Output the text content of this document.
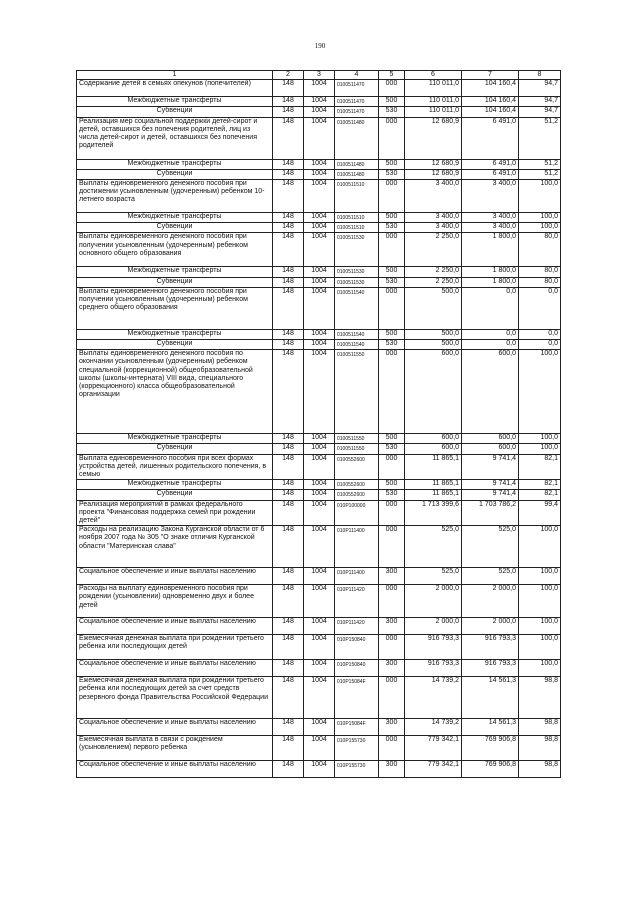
190
1	2	3	4	5	6	7	8
Содержание детей в семьях опекунов (попечителей)	148	1004	0100511470	000	110 011,0	104 160,4	94,7
Межбюджетные трансферты	148	1004	0100511470	500	110 011,0	104 160,4	94,7
Субвенции	148	1004	0100511470	530	110 011,0	104 160,4	94,7
Реализация мер социальной поддержки детей-сирот и детей, оставшихся без попечения родителей, лиц из числа детей-сирот и детей, оставшихся без попечения родителей	148	1004	0100511480	000	12 680,9	6 491,0	51,2
Межбюджетные трансферты	148	1004	0100511480	500	12 680,9	6 491,0	51,2
Субвенции	148	1004	0100511480	530	12 680,9	6 491,0	51,2
Выплаты единовременного денежного пособия при достижении усыновленным (удочеренным) ребенком 10-летнего возраста	148	1004	0100511510	000	3 400,0	3 400,0	100,0
Межбюджетные трансферты	148	1004	0100511510	500	3 400,0	3 400,0	100,0
Субвенции	148	1004	0100511510	530	3 400,0	3 400,0	100,0
Выплаты единовременного денежного пособия при получении усыновленным (удочеренным) ребенком основного общего образования	148	1004	0100511530	000	2 250,0	1 800,0	80,0
Межбюджетные трансферты	148	1004	0100511530	500	2 250,0	1 800,0	80,0
Субвенции	148	1004	0100511530	530	2 250,0	1 800,0	80,0
Выплаты единовременного денежного пособия при получении усыновленным (удочеренным) ребенком среднего общего образования	148	1004	0100511540	000	500,0	0,0	0,0
Межбюджетные трансферты	148	1004	0100511540	500	500,0	0,0	0,0
Субвенции	148	1004	0100511540	530	500,0	0,0	0,0
Выплаты единовременного денежного пособия по окончании усыновленным (удочеренным) ребенком специальной (коррекционной) общеобразовательной школы (школы-интерната) VIII вида, специального (коррекционного) класса общеобразовательной организации	148	1004	0100511550	000	600,0	600,0	100,0
Межбюджетные трансферты	148	1004	0100511550	500	600,0	600,0	100,0
Субвенции	148	1004	0100511550	530	600,0	600,0	100,0
Выплата единовременного пособия при всех формах устройства детей, лишенных родительского попечения, в семью	148	1004	0100552600	000	11 865,1	9 741,4	82,1
Межбюджетные трансферты	148	1004	0100552600	500	11 865,1	9 741,4	82,1
Субвенции	148	1004	0100552600	530	11 865,1	9 741,4	82,1
Реализация мероприятий в рамках федерального проекта "Финансовая поддержка семей при рождении детей"	148	1004	010P100000	000	1 713 399,6	1 703 786,2	99,4
Расходы на реализацию Закона Курганской области от 6 ноября 2007 года № 305 "О знаке отличия Курганской области "Материнская слава"	148	1004	010P111400	000	525,0	525,0	100,0
Социальное обеспечение и иные выплаты населению	148	1004	010P111400	300	525,0	525,0	100,0
Расходы на выплату единовременного пособия при рождении (усыновлении) одновременно двух и более детей	148	1004	010P111420	000	2 000,0	2 000,0	100,0
Социальное обеспечение и иные выплаты населению	148	1004	010P111420	300	2 000,0	2 000,0	100,0
Ежемесячная денежная выплата при рождении третьего ребенка или последующих детей	148	1004	010P150840	000	916 793,3	916 793,3	100,0
Социальное обеспечение и иные выплаты населению	148	1004	010P150840	300	916 793,3	916 793,3	100,0
Ежемесячная денежная выплата при рождении третьего ребенка или последующих детей за счет средств резервного фонда Правительства Российской Федерации	148	1004	010P15084F	000	14 739,2	14 561,3	98,8
Социальное обеспечение и иные выплаты населению	148	1004	010P15084F	300	14 739,2	14 561,3	98,8
Ежемесячная выплата в связи с рождением (усыновлением) первого ребенка	148	1004	010P155730	000	779 342,1	769 906,8	98,8
Социальное обеспечение и иные выплаты населению	148	1004	010P155730	300	779 342,1	769 906,8	98,8
